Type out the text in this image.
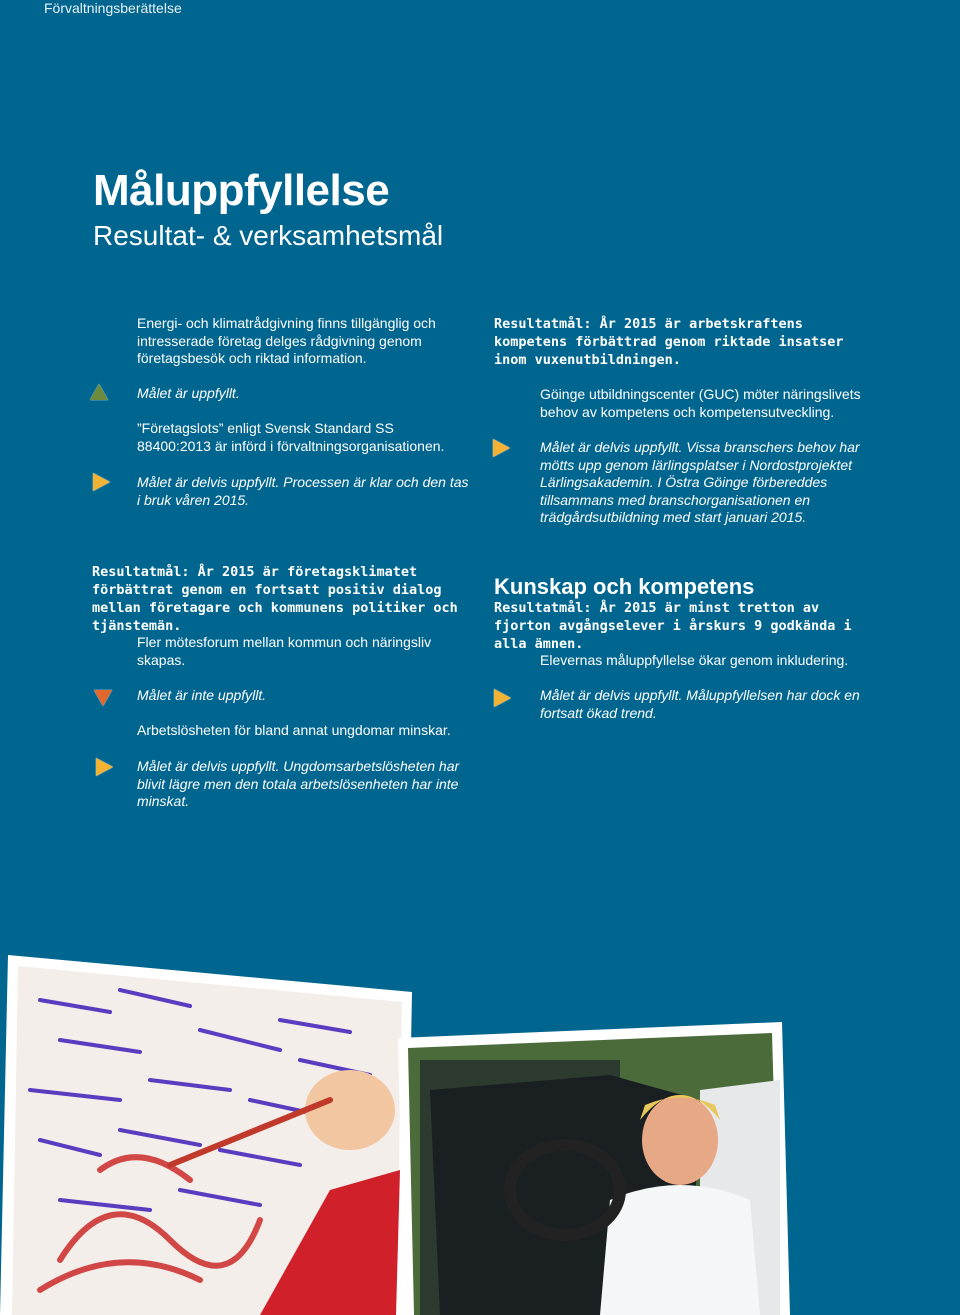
Förvaltningsberättelse
Måluppfyllelse
Resultat- & verksamhetsmål
Energi- och klimatrådgivning finns tillgänglig och intresserade företag delges rådgivning genom företagsbesök och riktad information.
Målet är uppfyllt.
”Företagslots” enligt Svensk Standard SS 88400:2013 är införd i förvaltningsorganisationen.
Målet är delvis uppfyllt. Processen är klar och den tas i bruk våren 2015.
Resultatmål: År 2015 är företagsklimatet förbättrat genom en fortsatt positiv dialog mellan företagare och kommunens politiker och tjänstemän.
Fler mötesforum mellan kommun och näringsliv skapas.
Målet är inte uppfyllt.
Arbetslösheten för bland annat ungdomar minskar.
Målet är delvis uppfyllt. Ungdomsarbetslösheten har blivit lägre men den totala arbetslösenheten har inte minskat.
Resultatmål: År 2015 är arbetskraftens kompetens förbättrad genom riktade insatser inom vuxenutbildningen.
Göinge utbildningscenter (GUC) möter näringslivets behov av kompetens och kompetensutveckling.
Målet är delvis uppfyllt. Vissa branschers behov har mötts upp genom lärlingsplatser i Nordostprojektet Lärlingsakademin. I Östra Göinge förbereddes tillsammans med branschorganisationen en trädgårdsutbildning med start januari 2015.
Kunskap och kompetens
Resultatmål: År 2015 är minst tretton av fjorton avgångselever i årskurs 9 godkända i alla ämnen.
Elevernas måluppfyllelse ökar genom inkludering.
Målet är delvis uppfyllt. Måluppfyllelsen har dock en fortsatt ökad trend.
